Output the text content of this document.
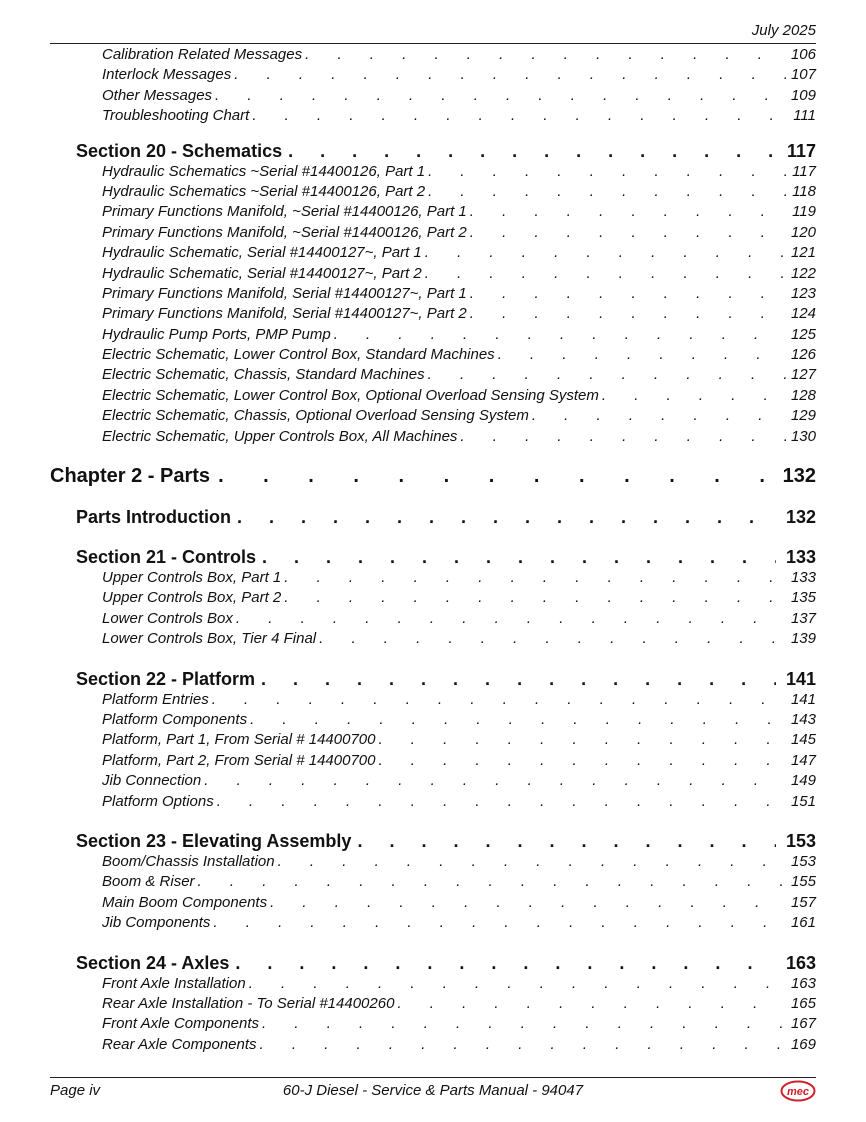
July 2025
Calibration Related Messages . . .	106
Interlock Messages . . .	107
Other Messages . . .	109
Troubleshooting Chart . . .	111
Section 20 - Schematics . . .	117
Hydraulic Schematics ~Serial #14400126, Part 1 . . .	117
Hydraulic Schematics ~Serial #14400126, Part 2 . . .	118
Primary Functions Manifold, ~Serial #14400126, Part 1 . . .	119
Primary Functions Manifold, ~Serial #14400126, Part 2 . . .	120
Hydraulic Schematic, Serial #14400127~, Part 1 . . .	121
Hydraulic Schematic, Serial #14400127~, Part 2 . . .	122
Primary Functions Manifold, Serial #14400127~, Part 1 . . .	123
Primary Functions Manifold, Serial #14400127~, Part 2 . . .	124
Hydraulic Pump Ports, PMP Pump . . .	125
Electric Schematic, Lower Control Box, Standard Machines . . .	126
Electric Schematic, Chassis, Standard Machines . . .	127
Electric Schematic, Lower Control Box, Optional Overload Sensing System . . .	128
Electric Schematic, Chassis, Optional Overload Sensing System . . .	129
Electric Schematic, Upper Controls Box, All Machines . . .	130
Chapter 2 - Parts . . .	132
Parts Introduction . . .	132
Section 21 - Controls . . .	133
Upper Controls Box, Part 1 . . .	133
Upper Controls Box, Part 2 . . .	135
Lower Controls Box . . .	137
Lower Controls Box, Tier 4 Final . . .	139
Section 22 - Platform . . .	141
Platform Entries . . .	141
Platform Components . . .	143
Platform, Part 1, From Serial # 14400700 . . .	145
Platform, Part 2, From Serial # 14400700 . . .	147
Jib Connection . . .	149
Platform Options . . .	151
Section 23 - Elevating Assembly . . .	153
Boom/Chassis Installation . . .	153
Boom & Riser . . .	155
Main Boom Components . . .	157
Jib Components . . .	161
Section 24 - Axles . . .	163
Front Axle Installation . . .	163
Rear Axle Installation - To Serial #14400260 . . .	165
Front Axle Components . . .	167
Rear Axle Components . . .	169
Page iv	60-J Diesel - Service & Parts Manual - 94047	mec
